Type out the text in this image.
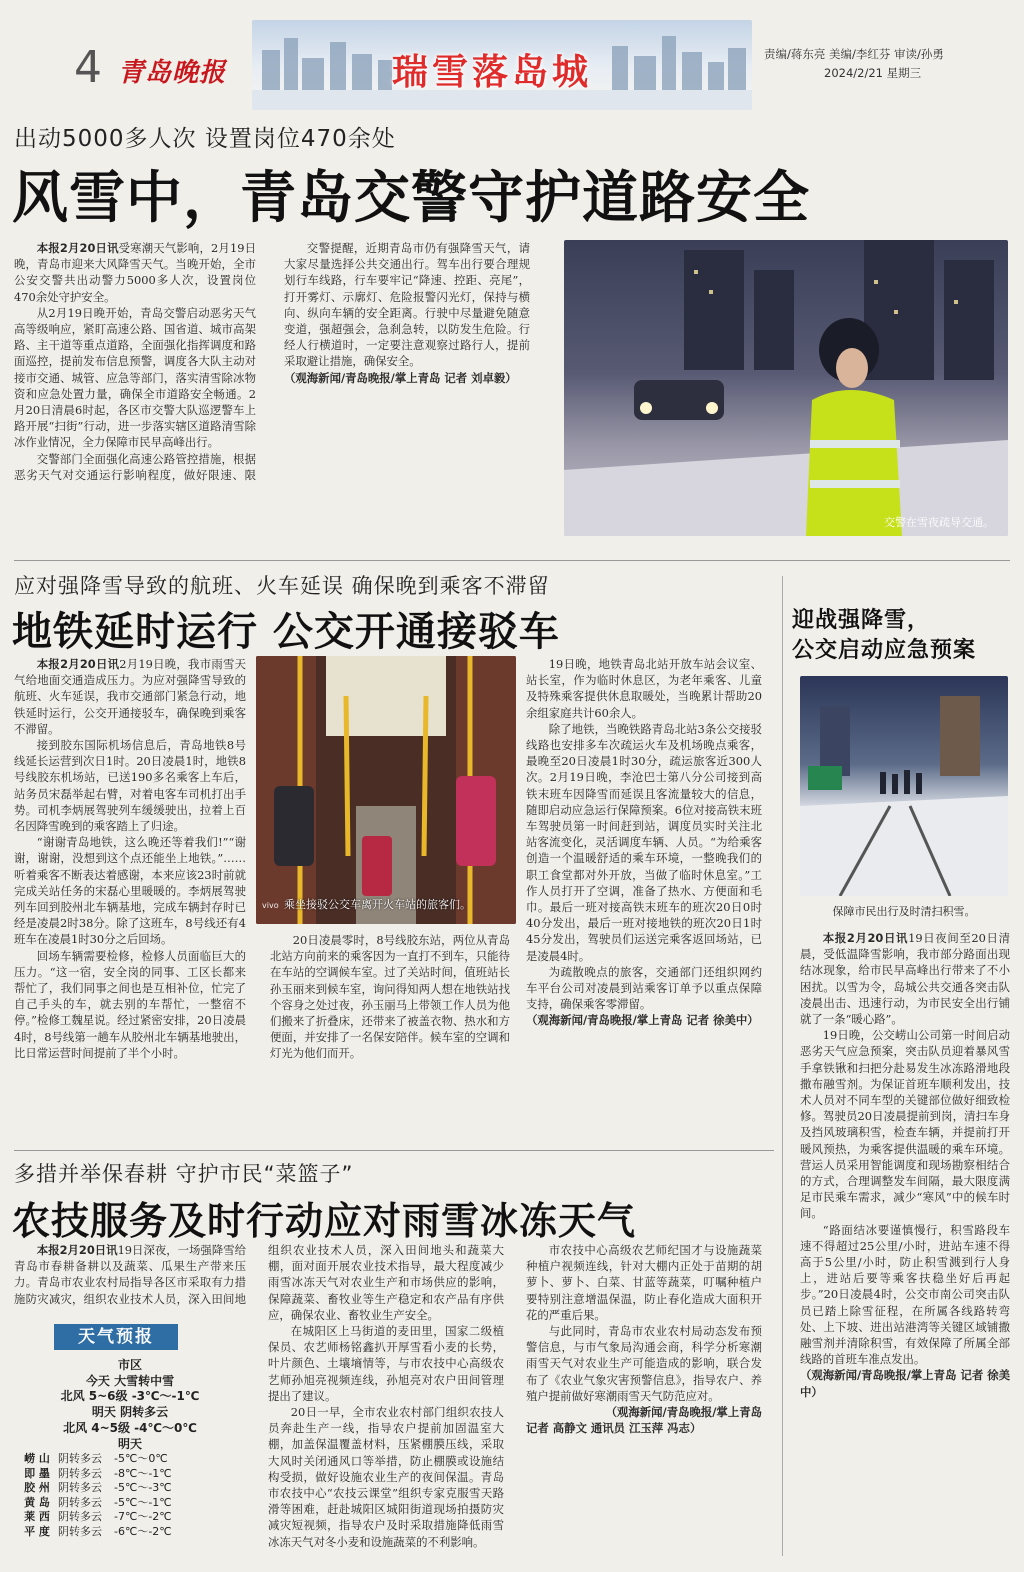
4 青岛晚报	瑞雪落岛城	责编/蒋东亮 美编/李红芬 审读/孙勇
2024/2/21 星期三
出动5000多人次 设置岗位470余处
风雪中，青岛交警守护道路安全

本报2月20日讯受寒潮天气影响，2月19日晚，青岛市迎来大风降雪天气。当晚开始，全市公安交警共出动警力5000多人次，设置岗位470余处守护安全。

从2月19日晚开始，青岛交警启动恶劣天气高等级响应，紧盯高速公路、国省道、城市高架路、主干道等重点道路，全面强化指挥调度和路面巡控，提前发布信息预警，调度各大队主动对接市交通、城管、应急等部门，落实清雪除冰物资和应急处置力量，确保全市道路安全畅通。2月20日清晨6时起，各区市交警大队巡逻警车上路开展“扫街”行动，进一步落实辖区道路清雪除冰作业情况，全力保障市民早高峰出行。

交警部门全面强化高速公路管控措施，根据恶劣天气对交通运行影响程度，做好限速、限

交警提醒，近期青岛市仍有强降雪天气，请大家尽量选择公共交通出行。驾车出行要合理规划行车线路，行车要牢记“降速、控距、亮尾”，打开雾灯、示廓灯、危险报警闪光灯，保持与横向、纵向车辆的安全距离。行驶中尽量避免随意变道，强超强会，急刹急转，以防发生危险。行经人行横道时，一定要注意观察过路行人，提前采取避让措施，确保安全。

（观海新闻/青岛晚报/掌上青岛 记者 刘卓毅）

交警在雪夜疏导交通。
应对强降雪导致的航班、火车延误 确保晚到乘客不滞留
地铁延时运行 公交开通接驳车

本报2月20日讯2月19日晚，我市雨雪天气给地面交通造成压力。为应对强降雪导致的航班、火车延误，我市交通部门紧急行动，地铁延时运行，公交开通接驳车，确保晚到乘客不滞留。

接到胶东国际机场信息后，青岛地铁8号线延长运营到次日1时。20日凌晨1时，地铁8号线胶东机场站，已送190多名乘客上车后，站务员宋磊举起右臂，对着电客车司机打出手势。司机李炳展驾驶列车缓缓驶出，拉着上百名因降雪晚到的乘客踏上了归途。

“谢谢青岛地铁，这么晚还等着我们!”“谢谢，谢谢，没想到这个点还能坐上地铁。”……听着乘客不断表达着感谢，本来应该23时前就完成关站任务的宋磊心里暖暖的。李炳展驾驶列车回到胶州北车辆基地，完成车辆封存时已经是凌晨2时38分。除了这班车，8号线还有4班车在凌晨1时30分之后回场。

回场车辆需要检修，检修人员面临巨大的压力。“这一宿，安全岗的同事、工区长都来帮忙了，我们同事之间也是互相补位，忙完了自己手头的车，就去别的车帮忙，一整宿不停。”检修工魏星说。经过紧密安排，20日凌晨4时，8号线第一趟车从胶州北车辆基地驶出，比日常运营时间提前了半个小时。

vivo 乘坐接驳公交车离开火车站的旅客们。

20日凌晨零时，8号线胶东站，两位从青岛北站方向前来的乘客因为一直打不到车，只能待在车站的空调候车室。过了关站时间，值班站长孙玉丽来到候车室，询问得知两人想在地铁站找个容身之处过夜，孙玉丽马上带领工作人员为他们搬来了折叠床，还带来了被盖衣物、热水和方便面，并安排了一名保安陪伴。候车室的空调和灯光为他们而开。

19日晚，地铁青岛北站开放车站会议室、站长室，作为临时休息区，为老年乘客、儿童及特殊乘客提供休息取暖处，当晚累计帮助20余组家庭共计60余人。

除了地铁，当晚铁路青岛北站3条公交接驳线路也安排多车次疏运火车及机场晚点乘客，最晚至20日凌晨1时30分，疏运旅客近300人次。2月19日晚，李沧巴士第八分公司接到高铁末班车因降雪而延误且客流量较大的信息，随即启动应急运行保障预案。6位对接高铁末班车驾驶员第一时间赶到站，调度员实时关注北站客流变化，灵活调度车辆、人员。“为给乘客创造一个温暖舒适的乘车环境，一整晚我们的职工食堂都对外开放，当做了临时休息室。”工作人员打开了空调，准备了热水、方便面和毛巾。最后一班对接高铁末班车的班次20日0时40分发出，最后一班对接地铁的班次20日1时45分发出，驾驶员们运送完乘客返回场站，已是凌晨4时。

为疏散晚点的旅客，交通部门还组织网约车平台公司对凌晨到站乘客订单予以重点保障支持，确保乘客零滞留。

（观海新闻/青岛晚报/掌上青岛 记者 徐美中）

迎战强降雪，
公交启动应急预案
保障市民出行及时清扫积雪。

本报2月20日讯19日夜间至20日清晨，受低温降雪影响，我市部分路面出现结冰现象，给市民早高峰出行带来了不小困扰。以雪为令，岛城公共交通各突击队凌晨出击、迅速行动，为市民安全出行铺就了一条“暖心路”。

19日晚，公交崂山公司第一时间启动恶劣天气应急预案，突击队员迎着暴风雪手拿铁锹和扫把分赴易发生冰冻路滑地段撒布融雪剂。为保证首班车顺利发出，技术人员对不同车型的关键部位做好细致检修。驾驶员20日凌晨提前到岗，清扫车身及挡风玻璃积雪，检查车辆，并提前打开暖风预热，为乘客提供温暖的乘车环境。营运人员采用智能调度和现场勘察相结合的方式，合理调整发车间隔，最大限度满足市民乘车需求，减少“寒风”中的候车时间。

“路面结冰要谨慎慢行，积雪路段车速不得超过25公里/小时，进站车速不得高于5公里/小时，防止积雪溅到行人身上，进站后要等乘客扶稳坐好后再起步。”20日凌晨4时，公交市南公司突击队员已踏上除雪征程，在所属各线路转弯处、上下坡、进出站港湾等关键区域铺撒融雪剂并清除积雪，有效保障了所属全部线路的首班车准点发出。

（观海新闻/青岛晚报/掌上青岛 记者 徐美中）

多措并举保春耕 守护市民“菜篮子”
农技服务及时行动应对雨雪冰冻天气

本报2月20日讯19日深夜，一场强降雪给青岛市春耕备耕以及蔬菜、瓜果生产带来压力。青岛市农业农村局指导各区市采取有力措施防灾减灾，组织农业技术人员，深入田间地

天气预报
市区
今天 大雪转中雪
北风 5~6级 -3℃～-1℃
明天 阴转多云
北风 4~5级 -4℃～0℃
明天
崂 山 阴转多云	-5℃～0℃
即 墨 阴转多云	-8℃～-1℃
胶 州 阴转多云	-5℃～-3℃
黄 岛 阴转多云	-5℃～-1℃
莱 西 阴转多云	-7℃～-2℃
平 度 阴转多云	-6℃～-2℃

组织农业技术人员，深入田间地头和蔬菜大棚，面对面开展农业技术指导，最大程度减少雨雪冰冻天气对农业生产和市场供应的影响，保障蔬菜、畜牧业等生产稳定和农产品有序供应，确保农业、畜牧业生产安全。

在城阳区上马街道的麦田里，国家二级植保员、农艺师杨铭鑫扒开厚雪看小麦的长势，叶片颜色、土壤墒情等，与市农技中心高级农艺师孙旭亮视频连线，孙旭亮对农户田间管理提出了建议。

20日一早，全市农业农村部门组织农技人员奔赴生产一线，指导农户提前加固温室大棚，加盖保温覆盖材料，压紧棚膜压线，采取大风时关闭通风口等举措，防止棚膜或设施结构受损，做好设施农业生产的夜间保温。青岛市农技中心“农技云课堂”组织专家克服雪天路滑等困难，赶赴城阳区城阳街道现场拍摄防灾减灾短视频，指导农户及时采取措施降低雨雪冰冻天气对冬小麦和设施蔬菜的不利影响。

市农技中心高级农艺师纪国才与设施蔬菜种植户视频连线，针对大棚内正处于苗期的胡萝卜、萝卜、白菜、甘蓝等蔬菜，叮嘱种植户要特别注意增温保温，防止春化造成大面积开花的严重后果。

与此同时，青岛市农业农村局动态发布预警信息，与市气象局沟通会商，科学分析寒潮雨雪天气对农业生产可能造成的影响，联合发布了《农业气象灾害预警信息》，指导农户、养殖户提前做好寒潮雨雪天气防范应对。

（观海新闻/青岛晚报/掌上青岛

记者 高静文 通讯员 江玉萍 冯志）
